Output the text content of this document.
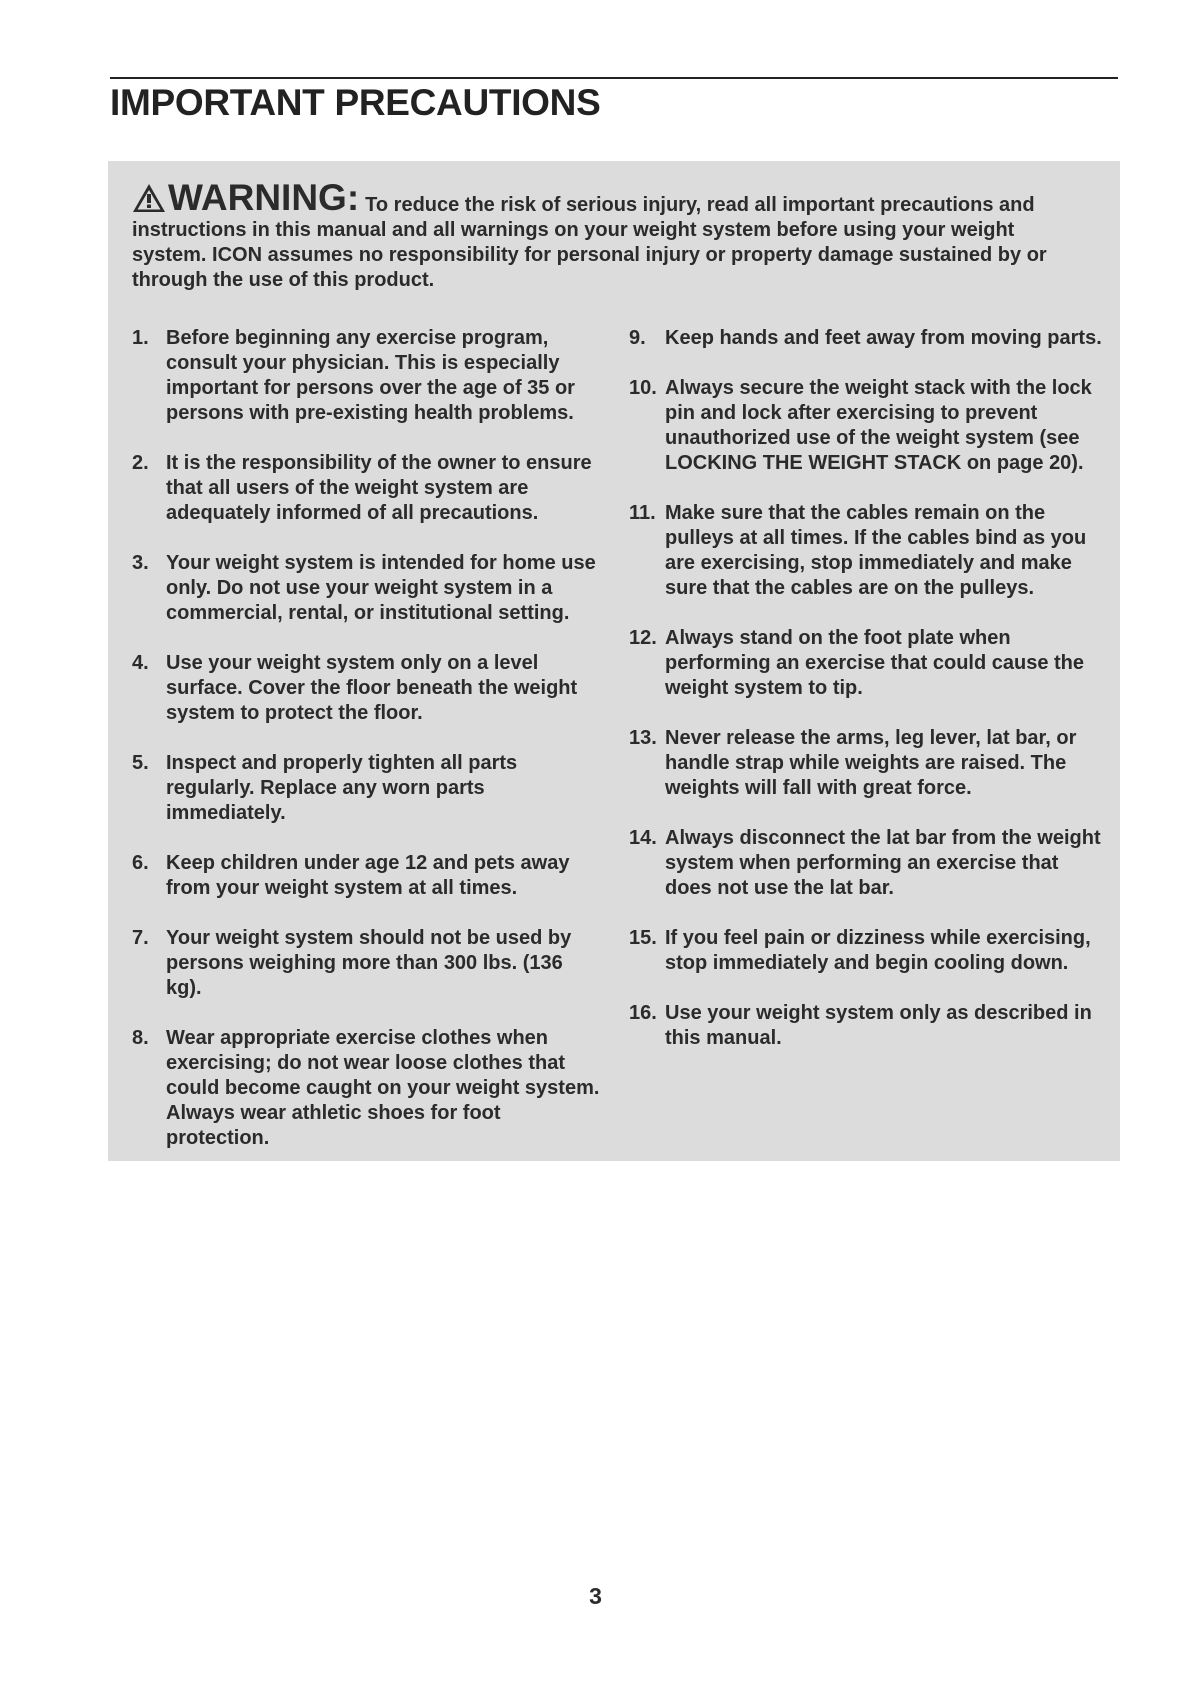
IMPORTANT PRECAUTIONS
WARNING: To reduce the risk of serious injury, read all important precautions and instructions in this manual and all warnings on your weight system before using your weight system. ICON assumes no responsibility for personal injury or property damage sustained by or through the use of this product.
1. Before beginning any exercise program, consult your physician. This is especially important for persons over the age of 35 or persons with pre-existing health problems.
2. It is the responsibility of the owner to ensure that all users of the weight system are adequately informed of all precautions.
3. Your weight system is intended for home use only. Do not use your weight system in a commercial, rental, or institutional setting.
4. Use your weight system only on a level surface. Cover the floor beneath the weight system to protect the floor.
5. Inspect and properly tighten all parts regularly. Replace any worn parts immediately.
6. Keep children under age 12 and pets away from your weight system at all times.
7. Your weight system should not be used by persons weighing more than 300 lbs. (136 kg).
8. Wear appropriate exercise clothes when exercising; do not wear loose clothes that could become caught on your weight system. Always wear athletic shoes for foot protection.
9. Keep hands and feet away from moving parts.
10. Always secure the weight stack with the lock pin and lock after exercising to prevent unauthorized use of the weight system (see LOCKING THE WEIGHT STACK on page 20).
11. Make sure that the cables remain on the pulleys at all times. If the cables bind as you are exercising, stop immediately and make sure that the cables are on the pulleys.
12. Always stand on the foot plate when performing an exercise that could cause the weight system to tip.
13. Never release the arms, leg lever, lat bar, or handle strap while weights are raised. The weights will fall with great force.
14. Always disconnect the lat bar from the weight system when performing an exercise that does not use the lat bar.
15. If you feel pain or dizziness while exercising, stop immediately and begin cooling down.
16. Use your weight system only as described in this manual.
3
